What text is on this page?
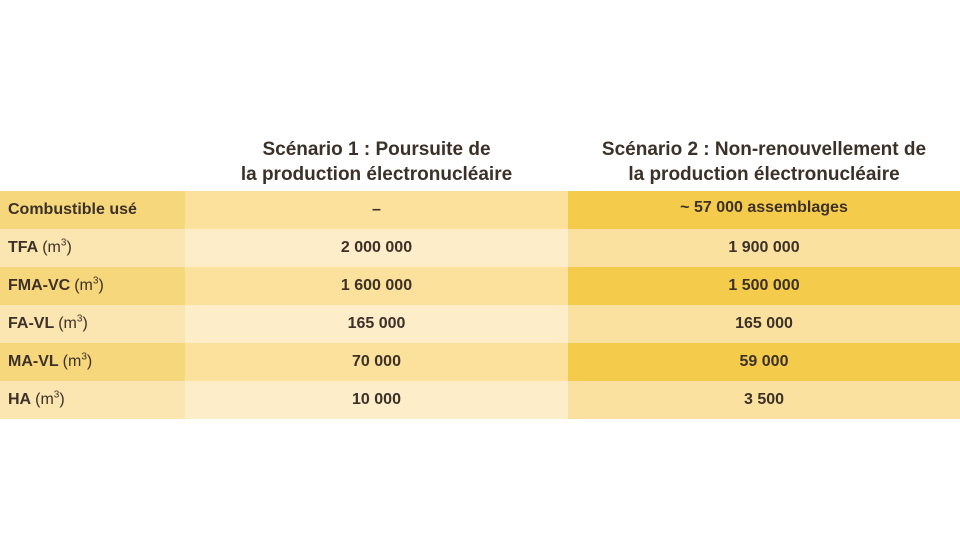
Scénario 1 : Poursuite de
la production électronucléaire
Scénario 2 : Non-renouvellement de
la production électronucléaire
Combustible usé	–	~ 57 000 assemblages
TFA $(m^3)$	2 000 000	1 900 000
FMA-VC $(m^3)$	1 600 000	1 500 000
FA-VL $(m^3)$	165 000	165 000
MA-VL $(m^3)$	70 000	59 000
HA $(m^3)$	10 000	3 500
